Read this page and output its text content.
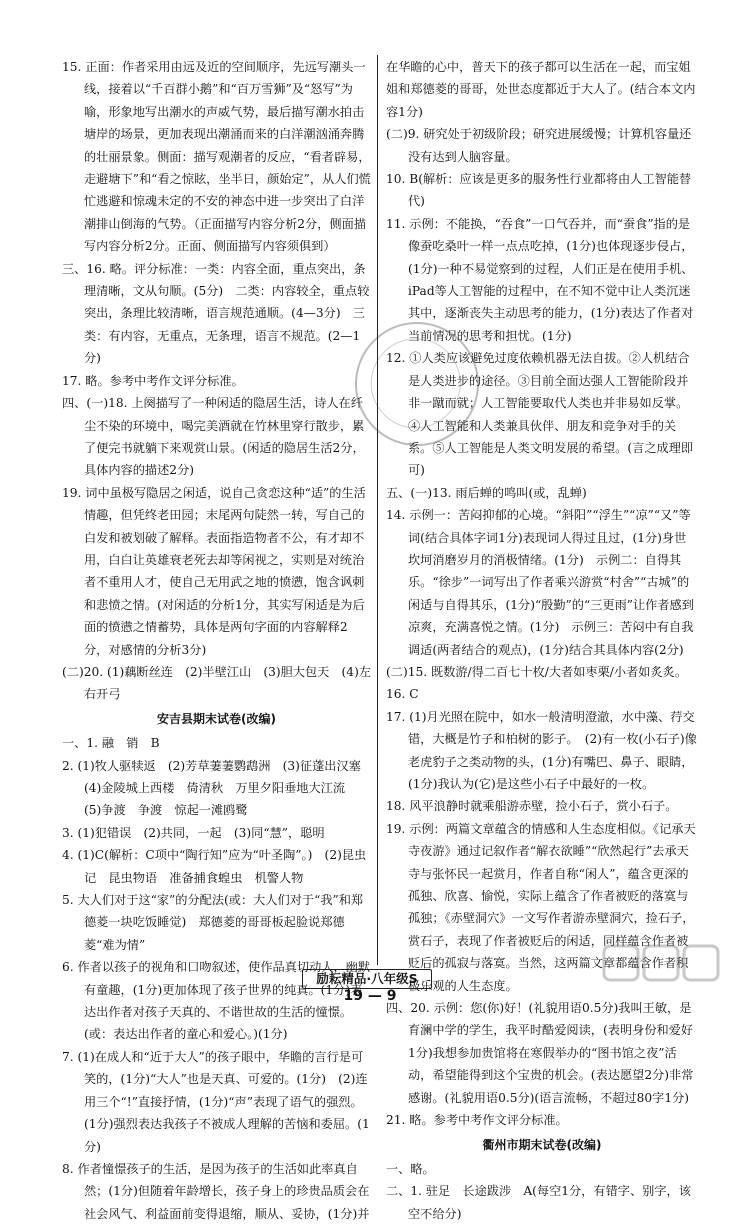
15. 正面：作者采用由远及近的空间顺序，先远写潮头一线，接着以“千百群小鹅”和“百万雪狮”及“怒写”为喻，形象地写出潮水的声威气势，最后描写潮水拍击塘岸的场景，更加表现出潮涌而来的白洋潮汹涌奔腾的壮丽景象。侧面：描写观潮者的反应，“看者辟易，走避塘下”和“看之惊眩，坐半日，颜始定”，从人们慌忙逃避和惊魂未定的不安的神态中进一步突出了白洋潮排山倒海的气势。（正面描写内容分析2分，侧面描写内容分析2分。正面、侧面描写内容须俱到）
三、16. 略。评分标准：一类：内容全面，重点突出，条理清晰，文从句顺。(5分)　二类：内容较全，重点较突出，条理比较清晰，语言规范通顺。(4—3分)　三类：有内容，无重点，无条理，语言不规范。(2—1分)
17. 略。参考中考作文评分标准。
四、(一)18. 上阕描写了一种闲适的隐居生活，诗人在纤尘不染的环境中，喝完美酒就在竹林里穿行散步，累了便完书就躺下来观赏山景。(闲适的隐居生活2分，具体内容的描述2分)
19. 词中虽极写隐居之闲适，说自己贪恋这种“适”的生活情趣，但凭终老田园；末尾两句陡然一转，写自己的白发和被划破了解释。表面指造物者不公，有才却不用，白白让英雄衰老死去却等闲视之，实则是对统治者不重用人才，使自己无用武之地的愤懑，饱含讽刺和悲愤之情。(对闲适的分析1分，其实写闲适是为后面的愤懑之情蓄势，具体是两句字面的内容解释2分，对感情的分析3分)
(二)20. (1)藕断丝连　(2)半壁江山　(3)胆大包天　(4)左右开弓
安吉县期末试卷(改编)
一、1. 融　销　B
2. (1)牧人驱犊返　(2)芳草萋萋鹦鹉洲　(3)征蓬出汉塞　(4)金陵城上西楼　倚清秋　万里夕阳垂地大江流　(5)争渡　争渡　惊起一滩鸥鹭
3. (1)犯错误　(2)共同，一起　(3)同“慧”，聪明
4. (1)C(解析：C项中“陶行知”应为“叶圣陶”。)　(2)昆虫记　昆虫物语　准备捕食蝗虫　机警人物
5. 大人们对于这“家”的分配法(或：大人们对于“我”和郑德菱一块吃饭睡觉)　郑德菱的哥哥板起脸说郑德菱“难为情”
6. 作者以孩子的视角和口吻叙述，使作品真切动人，幽默有童趣，(1分)更加体现了孩子世界的纯真。(1分)表达出作者对孩子天真的、不谐世故的生活的憧憬。(或：表达出作者的童心和爱心。)(1分)
7. (1)在成人和“近于大人”的孩子眼中，华瞻的言行是可笑的，(1分)“大人”也是天真、可爱的。(1分)　(2)连用三个“!”直接抒情，(1分)“声”表现了语气的强烈。(1分)强烈表达我孩子不被成人理解的苦恼和委屈。(1分)
8. 作者憧憬孩子的生活，是因为孩子的生活如此率真自然；(1分)但随着年龄增长，孩子身上的珍贵品质会在社会风气、利益面前变得退缩，顺从、妥协，(1分)并
在华瞻的心中，普天下的孩子都可以生活在一起，而宝姐姐和郑德菱的哥哥，处世态度都近于大人了。(结合本文内容1分)
(二)9. 研究处于初级阶段；研究进展缓慢；计算机容量还没有达到人脑容量。
10. B(解析：应该是更多的服务性行业都将由人工智能替代)
11. 示例：不能换，“吞食”一口气吞并，而“蚕食”指的是像蚕吃桑叶一样一点点吃掉，(1分)也体现逐步侵占，(1分)一种不易觉察到的过程，人们正是在使用手机、iPad等人工智能的过程中，在不知不觉中让人类沉迷其中，逐渐丧失主动思考的能力，(1分)表达了作者对当前情况的思考和担忧。(1分)
12. ①人类应该避免过度依赖机器无法自拔。②人机结合是人类进步的途径。③目前全面达强人工智能阶段并非一蹴而就；人工智能要取代人类也并非易如反掌。④人工智能和人类兼具伙伴、朋友和竞争对手的关系。⑤人工智能是人类文明发展的希望。(言之成理即可)
五、(一)13. 雨后蝉的鸣叫(或，乱蝉)
14. 示例一：苦闷抑郁的心境。“斜阳”“浮生”“凉”“又”等词(结合具体字词1分)表现词人得过且过，(1分)身世坎坷消磨岁月的消极情绪。(1分)　示例二：自得其乐。“徐步”一词写出了作者乘兴游赏“村舍”“古城”的闲适与自得其乐，(1分)“殷勤”的“三更雨”让作者感到凉爽，充满喜悦之情。(1分)　示例三：苦闷中有自我调适(两者结合的观点)，(1分)结合其具体内容(2分)
(二)15. 既数游/得二百七十枚/大者如枣栗/小者如炙炙。
16. C
17. (1)月光照在院中，如水一般清明澄澈，水中藻、荇交错，大概是竹子和柏树的影子。　(2)有一枚(小石子)像老虎豹子之类动物的头，(1分)有嘴巴、鼻子、眼睛，(1分)我认为(它)是这些小石子中最好的一枚。
18. 风平浪静时就乘船游赤壁，捡小石子，赏小石子。
19. 示例：两篇文章蕴含的情感和人生态度相似。《记承天寺夜游》通过记叙作者“解衣欲睡”“欣然起行”去承天寺与张怀民一起赏月，作者自称“闲人”，蕴含更深的孤独、欣喜、愉悦，实际上蕴含了作者被贬的落寞与孤独；《赤壁洞穴》一文写作者游赤壁洞穴，捡石子，赏石子，表现了作者被贬后的闲适，同样蕴含作者被贬后的孤寂与落寞。当然，这两篇文章都蕴含作者积极乐观的人生态度。
四、20. 示例：您(你)好！(礼貌用语0.5分)我叫王敏，是育澜中学的学生，我平时酷爱阅读，(表明身份和爱好1分)我想参加贵馆将在寒假举办的“图书馆之夜”活动，希望能得到这个宝贵的机会。(表达愿望2分)非常感谢。(礼貌用语0.5分)(语言流畅，不超过80字1分)
21. 略。参考中考作文评分标准。
衢州市期末试卷(改编)
一、略。
二、1. 驻足　长途跋涉　A(每空1分，有错字、别字，该空不给分)
励耘精品·八年级S
19 — 9
